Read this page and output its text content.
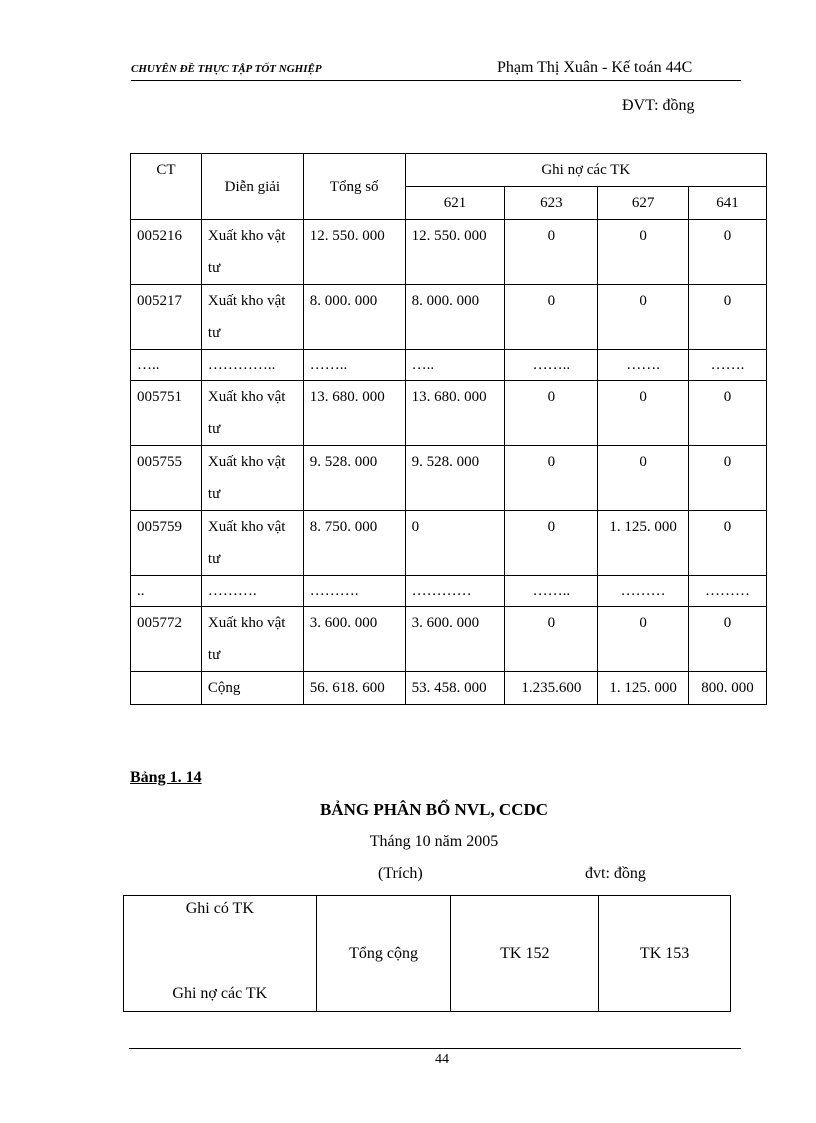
CHUYÊN ĐỀ THỰC TẬP TỐT NGHIỆP	Phạm Thị Xuân - Kế toán 44C
ĐVT: đồng
CT	Diễn giải	Tổng số	Ghi nợ các TK			
			621	623	627	641
005216	Xuất kho vật tư	12. 550. 000	12. 550. 000	0	0	0
005217	Xuất kho vật tư	8. 000. 000	8. 000. 000	0	0	0
…..	…………..	……..	…..	……..	…….	…….
005751	Xuất kho vật tư	13. 680. 000	13. 680. 000	0	0	0
005755	Xuất kho vật tư	9. 528. 000	9. 528. 000	0	0	0
005759	Xuất kho vật tư	8. 750. 000	0	0	1. 125. 000	0
..	……….	……….	…………	……..	………	………
005772	Xuất kho vật tư	3. 600. 000	3. 600. 000	0	0	0
	Cộng	56. 618. 600	53. 458. 000	1.235.600	1. 125. 000	800. 000
Bảng 1. 14
BẢNG PHÂN BỔ NVL, CCDC
Tháng 10 năm 2005
(Trích)	đvt: đồng
Ghi có TK
Ghi nợ các TK
	Tổng cộng	TK 152	TK 153
44
